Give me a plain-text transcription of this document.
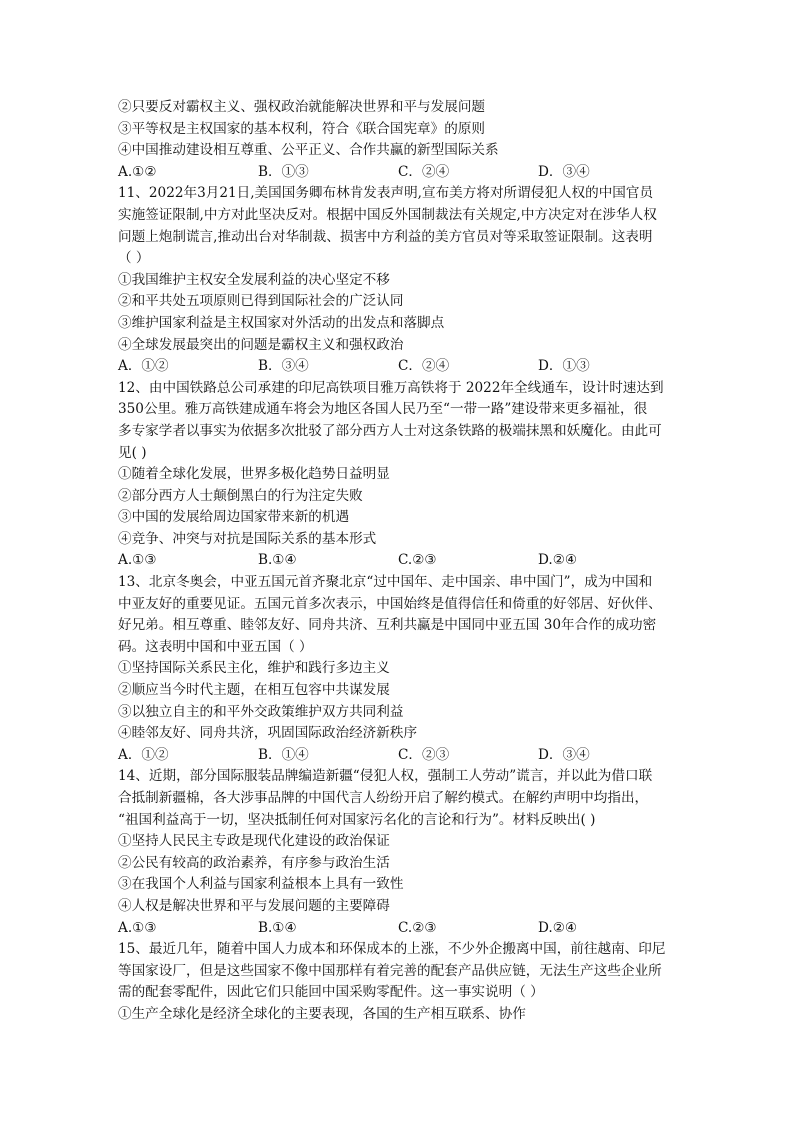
②只要反对霸权主义、强权政治就能解决世界和平与发展问题
③平等权是主权国家的基本权利，符合《联合国宪章》的原则
④中国推动建设相互尊重、公平正义、合作共赢的新型国际关系
A.①②	B．①③	C．②④	D．③④
11、2022年3月21日,美国国务卿布林肯发表声明,宣布美方将对所谓侵犯人权的中国官员
实施签证限制,中方对此坚决反对。根据中国反外国制裁法有关规定,中方决定对在涉华人权
问题上炮制谎言,推动出台对华制裁、损害中方利益的美方官员对等采取签证限制。这表明
（ ）
①我国维护主权安全发展利益的决心坚定不移
②和平共处五项原则已得到国际社会的广泛认同
③维护国家利益是主权国家对外活动的出发点和落脚点
④全球发展最突出的问题是霸权主义和强权政治
A．①②	B．③④	C．②④	D．①③
12、由中国铁路总公司承建的印尼高铁项目雅万高铁将于 2022年全线通车，设计时速达到
350公里。雅万高铁建成通车将会为地区各国人民乃至“一带一路”建设带来更多福祉，很
多专家学者以事实为依据多次批驳了部分西方人士对这条铁路的极端抹黑和妖魔化。由此可
见( )
①随着全球化发展，世界多极化趋势日益明显
②部分西方人士颠倒黑白的行为注定失败
③中国的发展给周边国家带来新的机遇
④竞争、冲突与对抗是国际关系的基本形式
A.①③	B.①④	C.②③	D.②④
13、北京冬奥会，中亚五国元首齐聚北京“过中国年、走中国亲、串中国门”，成为中国和
中亚友好的重要见证。五国元首多次表示，中国始终是值得信任和倚重的好邻居、好伙伴、
好兄弟。相互尊重、睦邻友好、同舟共济、互利共赢是中国同中亚五国 30年合作的成功密
码。这表明中国和中亚五国（ ）
①坚持国际关系民主化，维护和践行多边主义
②顺应当今时代主题，在相互包容中共谋发展
③以独立自主的和平外交政策维护双方共同利益
④睦邻友好、同舟共济，巩固国际政治经济新秩序
A．①②	B．①④	C．②③	D．③④
14、近期，部分国际服装品牌编造新疆“侵犯人权，强制工人劳动”谎言，并以此为借口联
合抵制新疆棉，各大涉事品牌的中国代言人纷纷开启了解约模式。在解约声明中均指出，
“祖国利益高于一切，坚决抵制任何对国家污名化的言论和行为”。材料反映出( )
①坚持人民民主专政是现代化建设的政治保证
②公民有较高的政治素养，有序参与政治生活
③在我国个人利益与国家利益根本上具有一致性
④人权是解决世界和平与发展问题的主要障碍
A.①③	B.①④	C.②③	D.②④
15、最近几年，随着中国人力成本和环保成本的上涨，不少外企搬离中国，前往越南、印尼
等国家设厂，但是这些国家不像中国那样有着完善的配套产品供应链，无法生产这些企业所
需的配套零配件，因此它们只能回中国采购零配件。这一事实说明（ ）
①生产全球化是经济全球化的主要表现，各国的生产相互联系、协作
